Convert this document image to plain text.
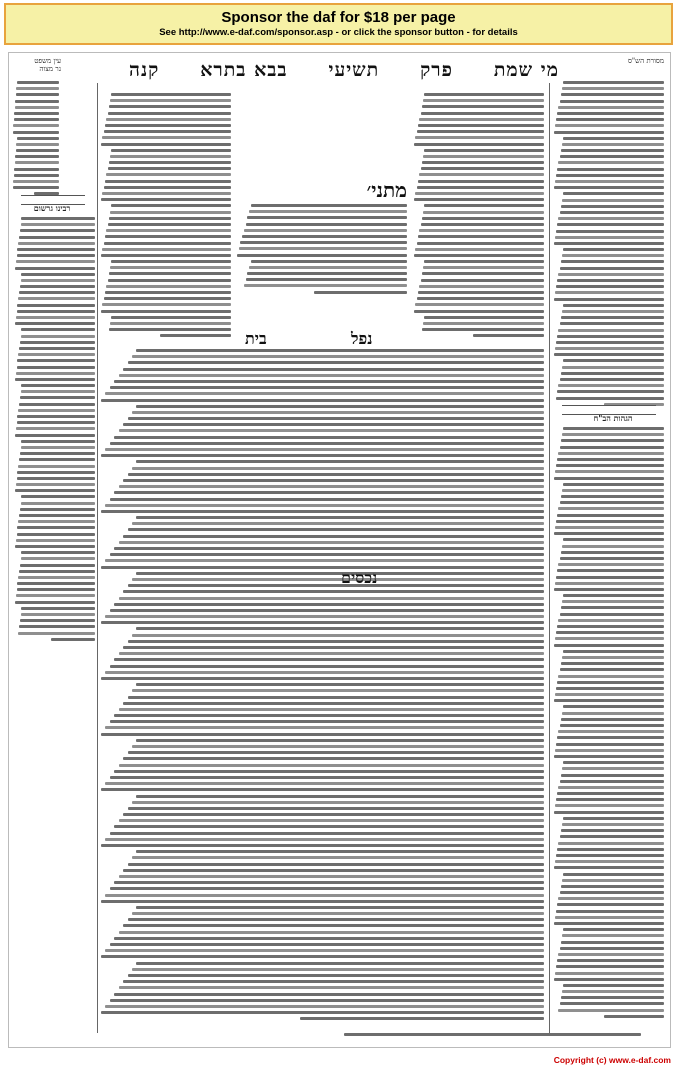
Sponsor the daf for $18 per page
See http://www.e-daf.com/sponsor.asp - or click the sponsor button - for details
עין משפט
נר מצוה
מסורת הש"ס
מי שמת
פרק
תשיעי
בבא בתרא
קנה
רבינו גרשום
הגהות הב"ח
מתני׳
נפל
בית
Copyright (c) www.e-daf.com
